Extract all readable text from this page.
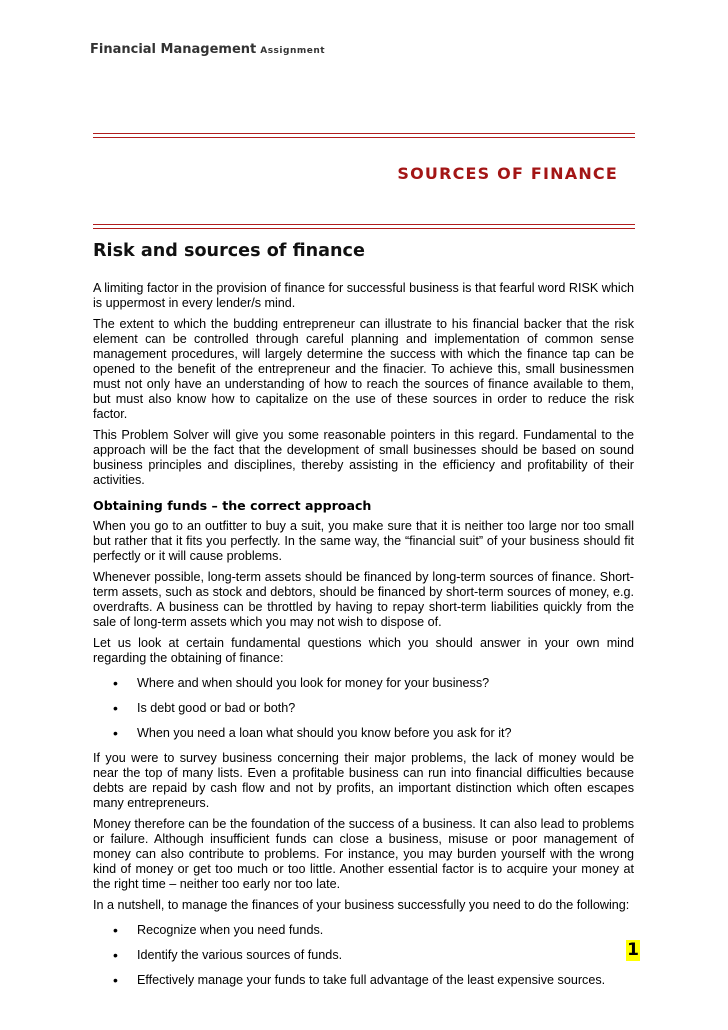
Financial Management Assignment
SOURCES OF FINANCE
Risk and sources of finance

A limiting factor in the provision of finance for successful business is that fearful word RISK which is uppermost in every lender/s mind.

The extent to which the budding entrepreneur can illustrate to his financial backer that the risk element can be controlled through careful planning and implementation of common sense management procedures, will largely determine the success with which the finance tap can be opened to the benefit of the entrepreneur and the finacier. To achieve this, small businessmen must not only have an understanding of how to reach the sources of finance available to them, but must also know how to capitalize on the use of these sources in order to reduce the risk factor.

This Problem Solver will give you some reasonable pointers in this regard. Fundamental to the approach will be the fact that the development of small businesses should be based on sound business principles and disciplines, thereby assisting in the efficiency and profitability of their activities.

Obtaining funds – the correct approach

When you go to an outfitter to buy a suit, you make sure that it is neither too large nor too small but rather that it fits you perfectly. In the same way, the “financial suit” of your business should fit perfectly or it will cause problems.

Whenever possible, long-term assets should be financed by long-term sources of finance. Short-term assets, such as stock and debtors, should be financed by short-term sources of money, e.g. overdrafts. A business can be throttled by having to repay short-term liabilities quickly from the sale of long-term assets which you may not wish to dispose of.

Let us look at certain fundamental questions which you should answer in your own mind regarding the obtaining of finance:

• Where and when should you look for money for your business?
• Is debt good or bad or both?
• When you need a loan what should you know before you ask for it?

If you were to survey business concerning their major problems, the lack of money would be near the top of many lists. Even a profitable business can run into financial difficulties because debts are repaid by cash flow and not by profits, an important distinction which often escapes many entrepreneurs.

Money therefore can be the foundation of the success of a business. It can also lead to problems or failure. Although insufficient funds can close a business, misuse or poor management of money can also contribute to problems. For instance, you may burden yourself with the wrong kind of money or get too much or too little. Another essential factor is to acquire your money at the right time – neither too early nor too late.

In a nutshell, to manage the finances of your business successfully you need to do the following:

• Recognize when you need funds.
• Identify the various sources of funds.
• Effectively manage your funds to take full advantage of the least expensive sources.
1
